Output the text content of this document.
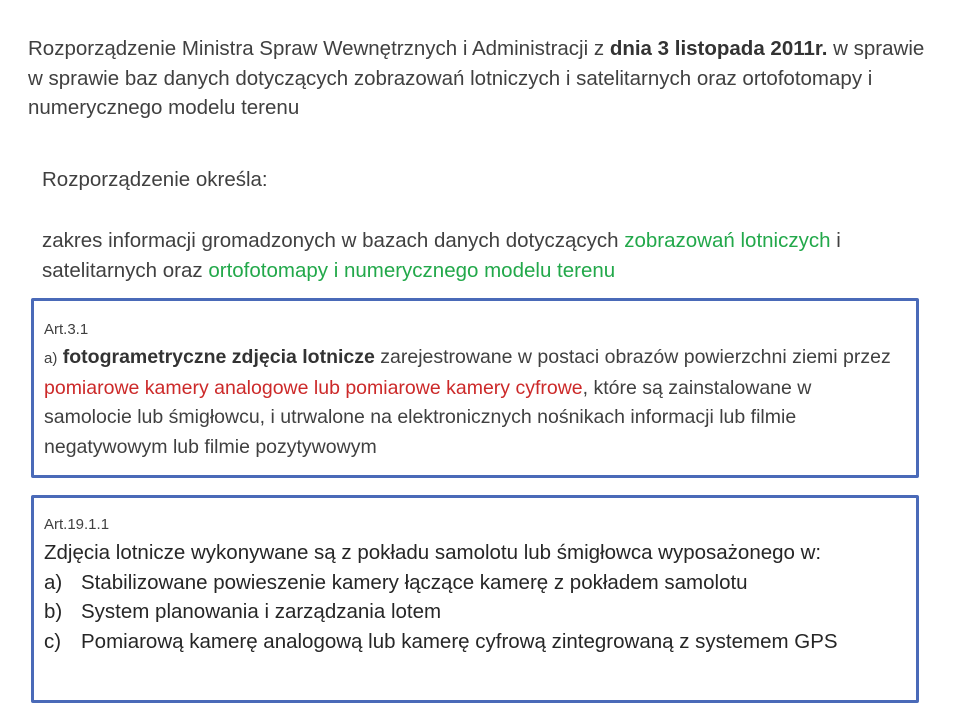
Rozporządzenie Ministra Spraw Wewnętrznych i Administracji z dnia 3 listopada 2011r. w sprawie w sprawie baz danych dotyczących zobrazowań lotniczych i satelitarnych oraz ortofotomapy i numerycznego modelu terenu
Rozporządzenie określa:
zakres informacji gromadzonych w bazach danych dotyczących zobrazowań lotniczych i satelitarnych oraz ortofotomapy i numerycznego modelu terenu
Art.3.1
a) fotogrametryczne zdjęcia lotnicze zarejestrowane w postaci obrazów powierzchni ziemi przez pomiarowe kamery analogowe lub pomiarowe kamery cyfrowe, które są zainstalowane w samolocie lub śmigłowcu, i utrwalone na elektronicznych nośnikach informacji lub filmie negatywowym lub filmie pozytywowym
Art.19.1.1
Zdjęcia lotnicze wykonywane są z pokładu samolotu lub śmigłowca wyposażonego w:
a) Stabilizowane powieszenie kamery łączące kamerę z pokładem samolotu
b) System planowania i zarządzania lotem
c) Pomiarową kamerę analogową lub kamerę cyfrową zintegrowaną z systemem GPS
